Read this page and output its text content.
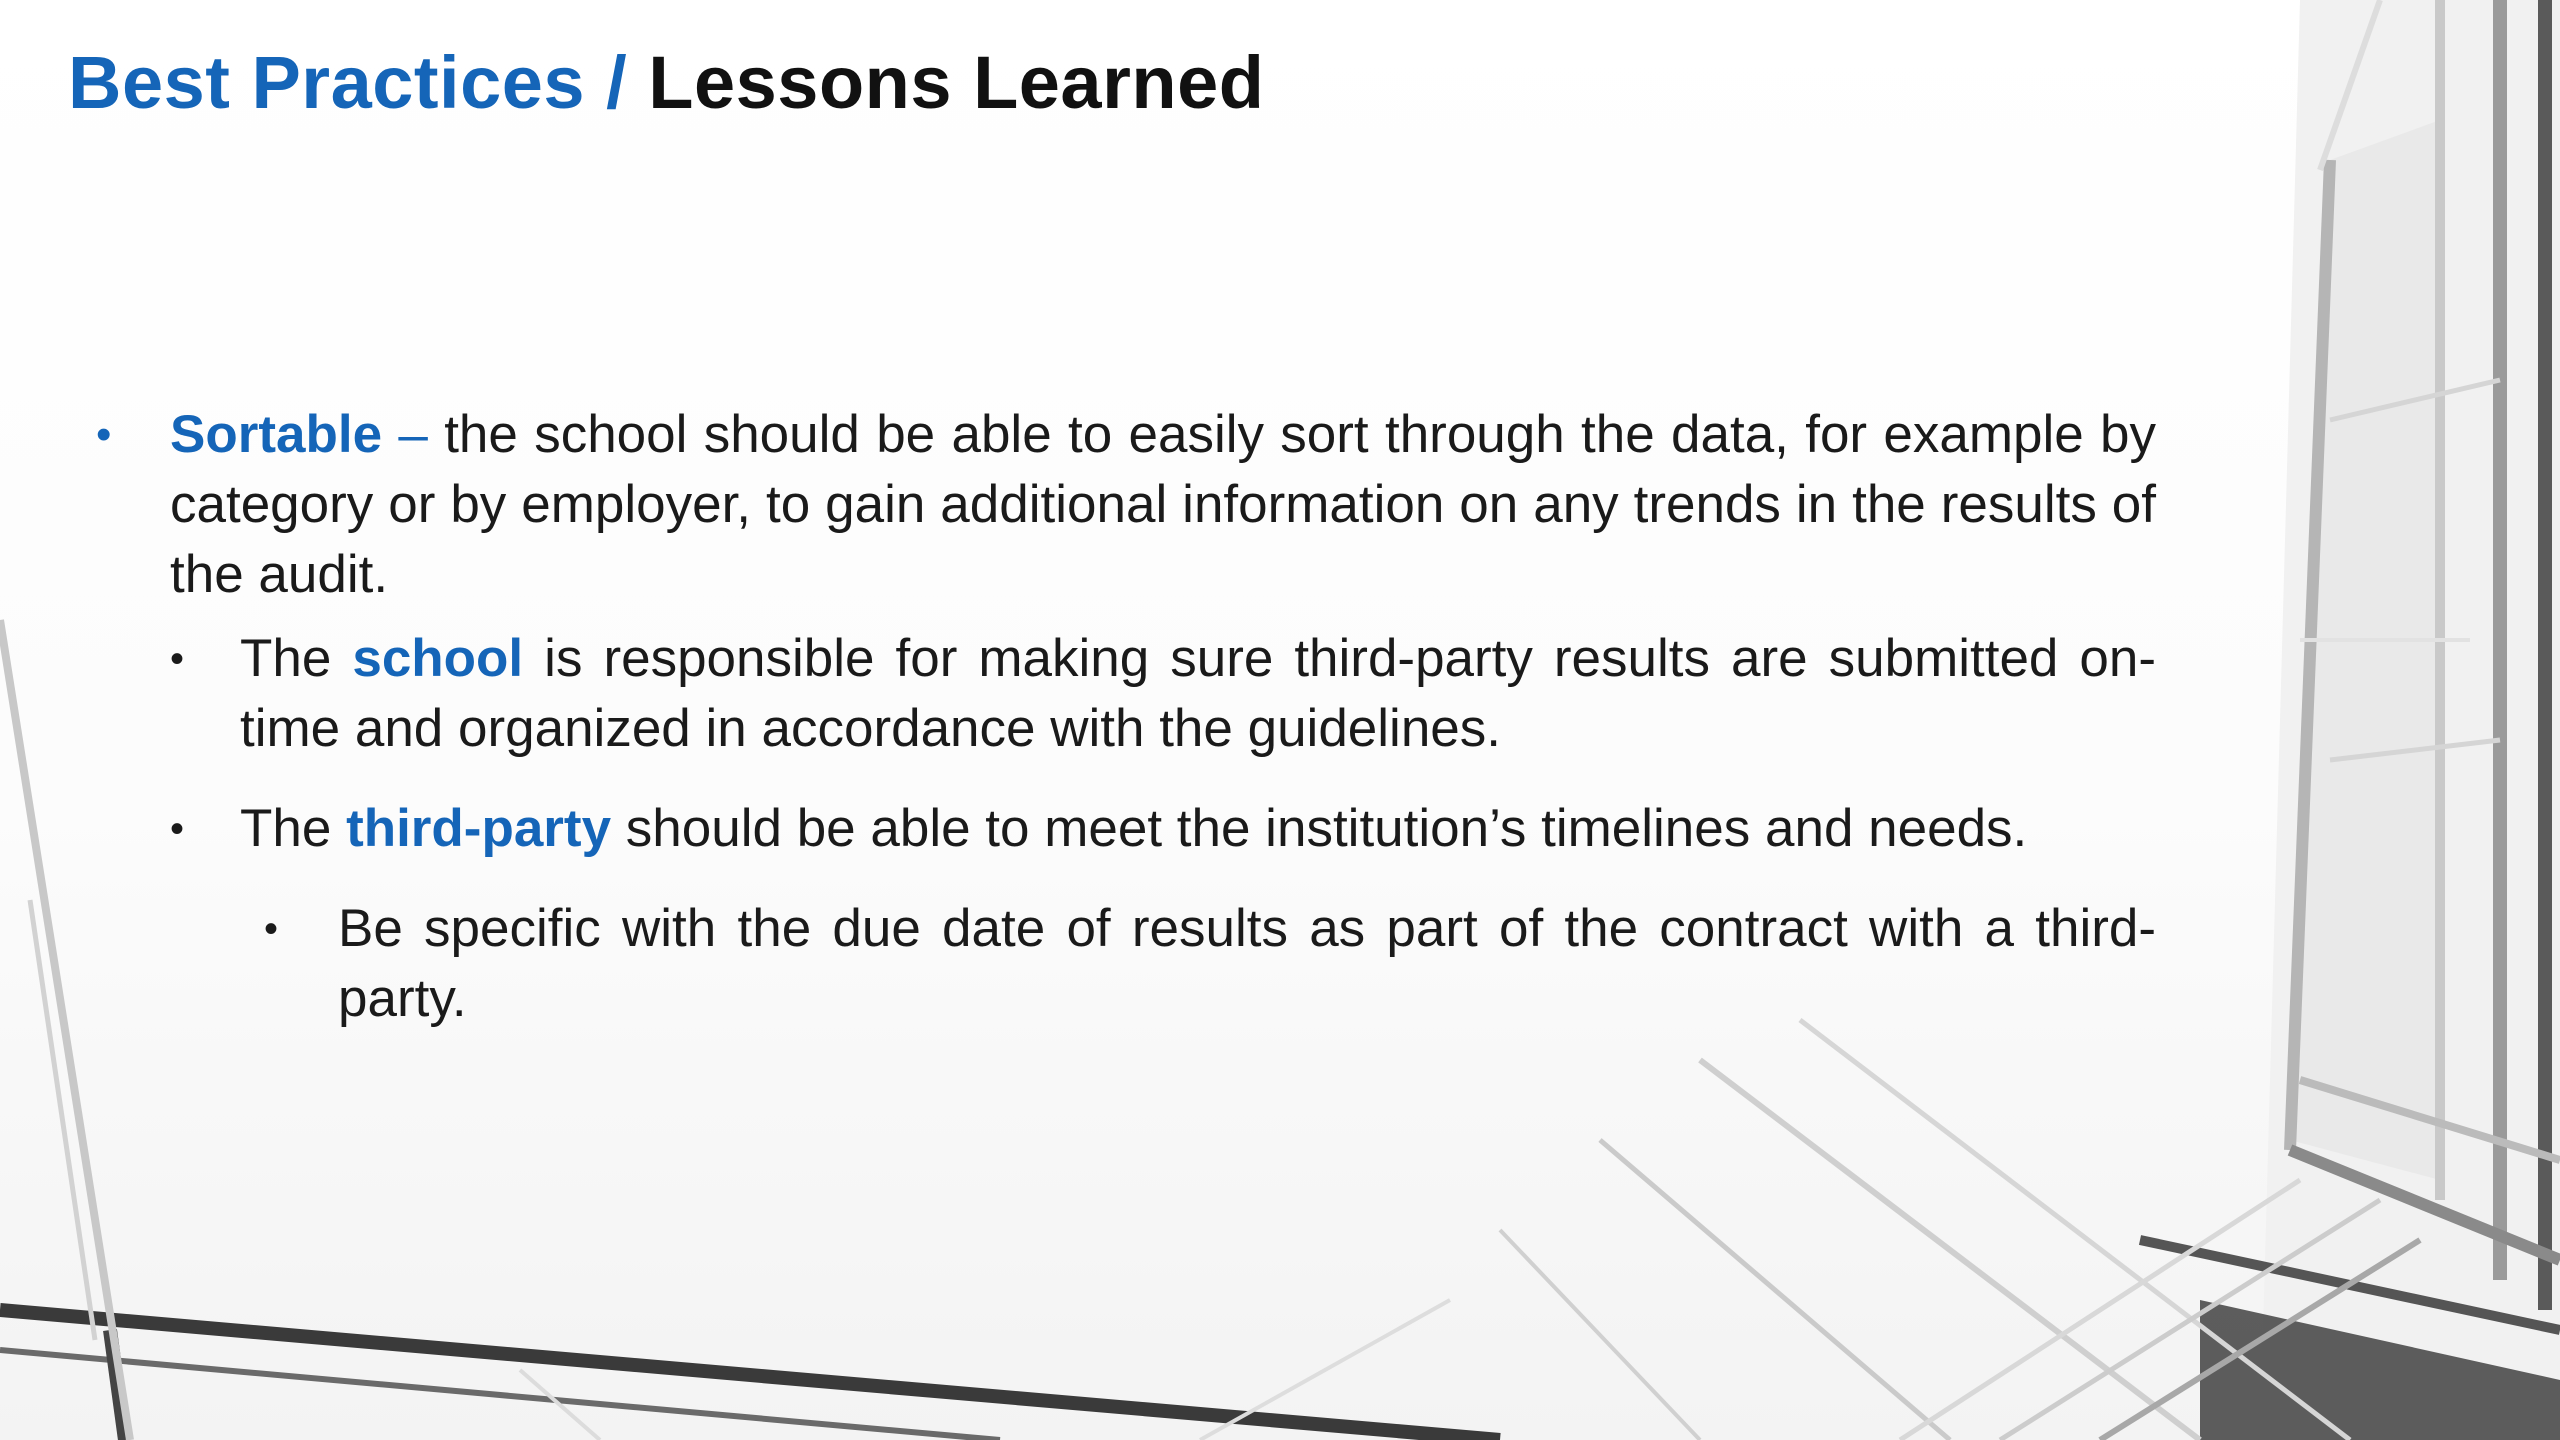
Best Practices / Lessons Learned
• Sortable – the school should be able to easily sort through the data, for example by category or by employer, to gain additional information on any trends in the results of the audit.
• The school is responsible for making sure third-party results are submitted on-time and organized in accordance with the guidelines.
• The third-party should be able to meet the institution’s timelines and needs.
• Be specific with the due date of results as part of the contract with a third-party.
